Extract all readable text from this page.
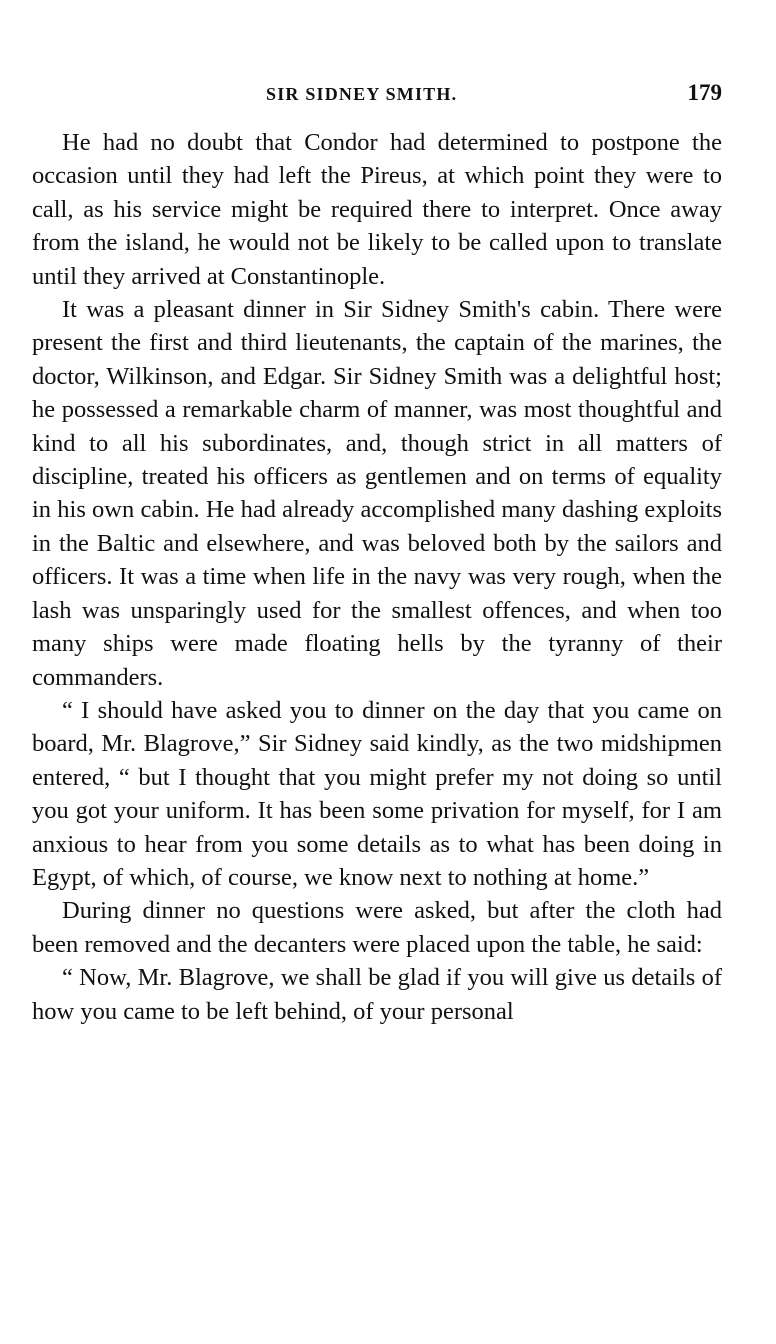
SIR SIDNEY SMITH.	179

He had no doubt that Condor had determined to postpone the occasion until they had left the Pireus, at which point they were to call, as his service might be required there to interpret. Once away from the island, he would not be likely to be called upon to translate until they arrived at Constantinople.

It was a pleasant dinner in Sir Sidney Smith's cabin. There were present the first and third lieutenants, the captain of the marines, the doctor, Wilkinson, and Edgar. Sir Sidney Smith was a delightful host; he possessed a remarkable charm of manner, was most thoughtful and kind to all his subordinates, and, though strict in all matters of discipline, treated his officers as gentlemen and on terms of equality in his own cabin. He had already accomplished many dashing exploits in the Baltic and elsewhere, and was beloved both by the sailors and officers. It was a time when life in the navy was very rough, when the lash was unsparingly used for the smallest offences, and when too many ships were made floating hells by the tyranny of their commanders.

“ I should have asked you to dinner on the day that you came on board, Mr. Blagrove,” Sir Sidney said kindly, as the two midshipmen entered, “ but I thought that you might prefer my not doing so until you got your uniform. It has been some privation for myself, for I am anxious to hear from you some details as to what has been doing in Egypt, of which, of course, we know next to nothing at home.”

During dinner no questions were asked, but after the cloth had been removed and the decanters were placed upon the table, he said:

“ Now, Mr. Blagrove, we shall be glad if you will give us details of how you came to be left behind, of your personal
